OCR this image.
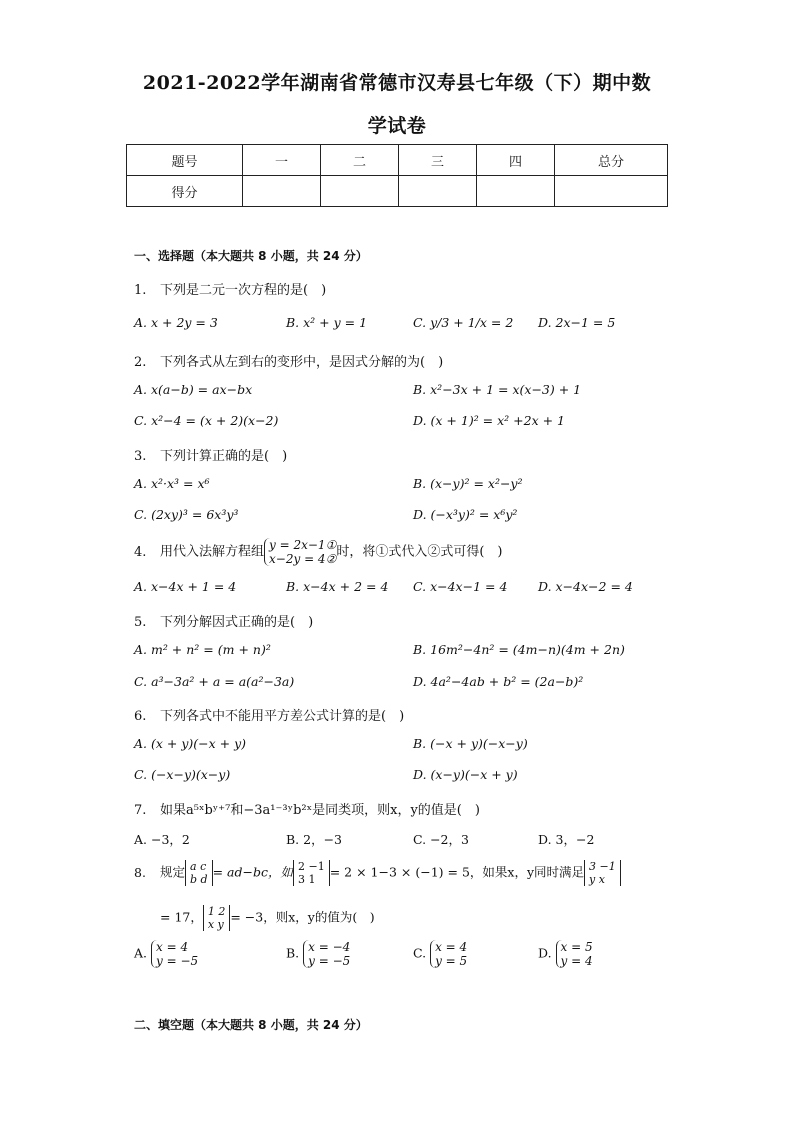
2021-2022学年湖南省常德市汉寿县七年级（下）期中数
学试卷
题号	一	二	三	四	总分
得分					
一、选择题（本大题共 8 小题，共 24 分）
1. 下列是二元一次方程的是(　)
A. x + 2y = 3	B. x² + y = 1	C. y/3 + 1/x = 2 D. 2x−1 = 5
2. 下列各式从左到右的变形中，是因式分解的为(　)
A. x(a−b) = ax−bx	B. x²−3x + 1 = x(x−3) + 1
C. x²−4 = (x + 2)(x−2)	D. (x + 1)² = x² +2x + 1
3. 下列计算正确的是(　)
A. x²·x³ = x⁶	B. (x−y)² = x²−y²
C. (2xy)³ = 6x³y³	D. (−x³y)² = x⁶y²
4. 用代入法解方程组 y = 2x−1①
x−2y = 4②时，将①式代入②式可得(　)
A. x−4x + 1 = 4	B. x−4x + 2 = 4 C. x−4x−1 = 4 D. x−4x−2 = 4
5. 下列分解因式正确的是(　)
A. m² + n² = (m + n)²	B. 16m²−4n² = (4m−n)(4m + 2n)
C. a³−3a² + a = a(a²−3a)	D. 4a²−4ab + b² = (2a−b)²
6. 下列各式中不能用平方差公式计算的是(　)
A. (x + y)(−x + y)	B. (−x + y)(−x−y)
C. (−x−y)(x−y)	D. (x−y)(−x + y)
7. 如果a⁵ˣbʸ⁺⁷和−3a¹⁻³ʸb²ˣ是同类项，则x，y的值是(　)
A. −3，2	B. 2，−3	C. −2，3	D. 3，−2
8. 规定 a c
b d = ad−bc，如 2 −1
3 1 = 2 × 1−3 × (−1) = 5，如果x，y同时满足 3 −1
y x
= 17， 1 2
x y = −3，则x，y的值为(　)
A. x = 4
y = −5
B. x = −4
y = −5
C. x = 4
y = 5
D. x = 5
y = 4
二、填空题（本大题共 8 小题，共 24 分）
